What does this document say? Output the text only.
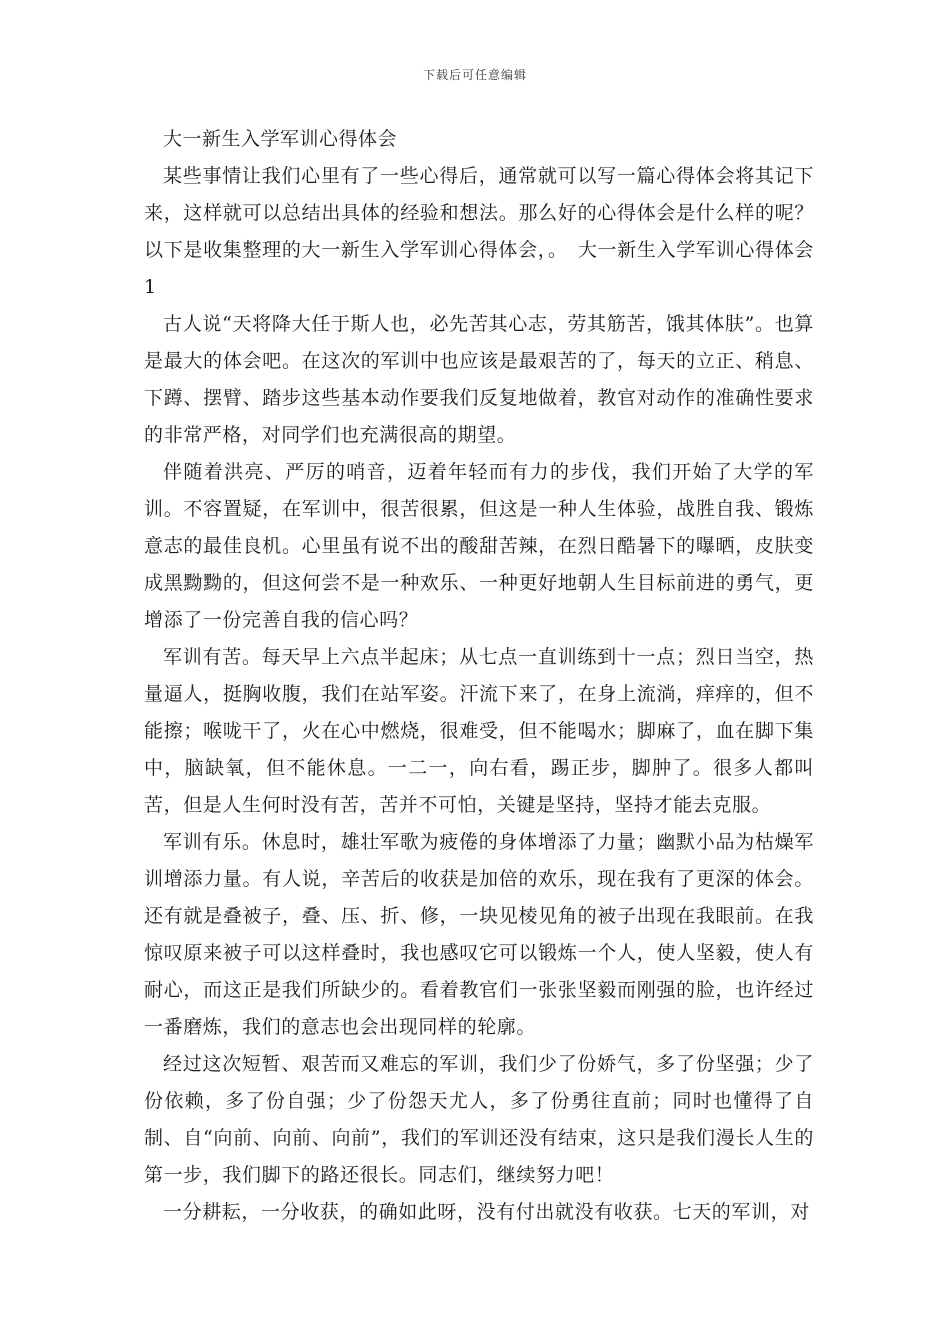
下载后可任意编辑

大一新生入学军训心得体会

某些事情让我们心里有了一些心得后，通常就可以写一篇心得体会将其记下来，这样就可以总结出具体的经验和想法。那么好的心得体会是什么样的呢？以下是收集整理的大一新生入学军训心得体会，。　大一新生入学军训心得体会1

古人说“天将降大任于斯人也，必先苦其心志，劳其筋苦，饿其体肤”。也算是最大的体会吧。在这次的军训中也应该是最艰苦的了，每天的立正、稍息、下蹲、摆臂、踏步这些基本动作要我们反复地做着，教官对动作的准确性要求的非常严格，对同学们也充满很高的期望。

伴随着洪亮、严厉的哨音，迈着年轻而有力的步伐，我们开始了大学的军训。不容置疑，在军训中，很苦很累，但这是一种人生体验，战胜自我、锻炼意志的最佳良机。心里虽有说不出的酸甜苦辣，在烈日酷暑下的曝晒，皮肤变成黑黝黝的，但这何尝不是一种欢乐、一种更好地朝人生目标前进的勇气，更增添了一份完善自我的信心吗？

军训有苦。每天早上六点半起床；从七点一直训练到十一点；烈日当空，热量逼人，挺胸收腹，我们在站军姿。汗流下来了，在身上流淌，痒痒的，但不能擦；喉咙干了，火在心中燃烧，很难受，但不能喝水；脚麻了，血在脚下集中，脑缺氧，但不能休息。一二一，向右看，踢正步，脚肿了。很多人都叫苦，但是人生何时没有苦，苦并不可怕，关键是坚持，坚持才能去克服。

军训有乐。休息时，雄壮军歌为疲倦的身体增添了力量；幽默小品为枯燥军训增添力量。有人说，辛苦后的收获是加倍的欢乐，现在我有了更深的体会。还有就是叠被子，叠、压、折、修，一块见棱见角的被子出现在我眼前。在我惊叹原来被子可以这样叠时，我也感叹它可以锻炼一个人，使人坚毅，使人有耐心，而这正是我们所缺少的。看着教官们一张张坚毅而刚强的脸，也许经过一番磨炼，我们的意志也会出现同样的轮廓。

经过这次短暂、艰苦而又难忘的军训，我们少了份娇气，多了份坚强；少了份依赖，多了份自强；少了份怨天尤人，多了份勇往直前；同时也懂得了自制、自“向前、向前、向前”，我们的军训还没有结束，这只是我们漫长人生的第一步，我们脚下的路还很长。同志们，继续努力吧！

一分耕耘，一分收获，的确如此呀，没有付出就没有收获。七天的军训，对
